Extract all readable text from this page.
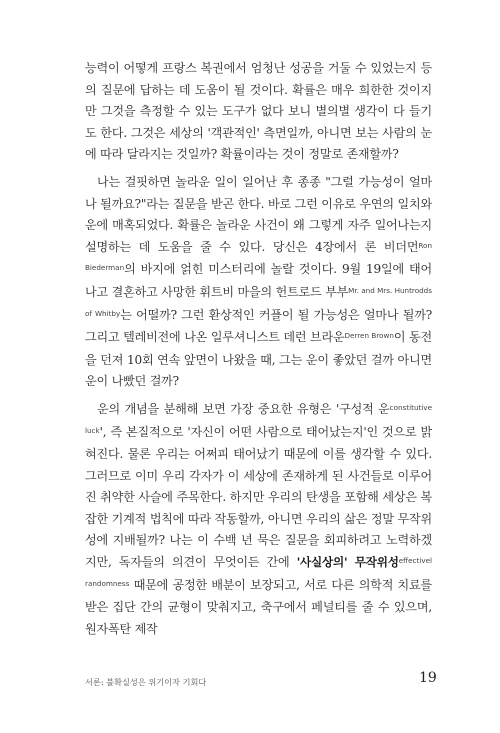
능력이 어떻게 프랑스 복권에서 엄청난 성공을 거둘 수 있었는지 등의 질문에 답하는 데 도움이 될 것이다. 확률은 매우 희한한 것이지만 그것을 측정할 수 있는 도구가 없다 보니 별의별 생각이 다 들기도 한다. 그것은 세상의 '객관적인' 측면일까, 아니면 보는 사람의 눈에 따라 달라지는 것일까? 확률이라는 것이 정말로 존재할까?

나는 걸핏하면 놀라운 일이 일어난 후 종종 "그럴 가능성이 얼마나 될까요?"라는 질문을 받곤 한다. 바로 그런 이유로 우연의 일치와 운에 매혹되었다. 확률은 놀라운 사건이 왜 그렇게 자주 일어나는지 설명하는 데 도움을 줄 수 있다. 당신은 4장에서 론 비더먼$^{Ron Biederman}$의 바지에 얽힌 미스터리에 놀랄 것이다. 9월 19일에 태어나고 결혼하고 사망한 휘트비 마을의 헌트로드 부부$^{Mr. and Mrs. Huntrodds of Whitby}$는 어떨까? 그런 환상적인 커플이 될 가능성은 얼마나 될까? 그리고 텔레비전에 나온 일루셔니스트 데런 브라운$^{Derren Brown}$이 동전을 던져 10회 연속 앞면이 나왔을 때, 그는 운이 좋았던 걸까 아니면 운이 나빴던 걸까?

운의 개념을 분해해 보면 가장 중요한 유형은 '구성적 운$^{constitutive luck}$', 즉 본질적으로 '자신이 어떤 사람으로 태어났는지'인 것으로 밝혀진다. 물론 우리는 어쩌피 태어났기 때문에 이를 생각할 수 있다. 그러므로 이미 우리 각자가 이 세상에 존재하게 된 사건들로 이루어진 취약한 사슬에 주목한다. 하지만 우리의 탄생을 포함해 세상은 복잡한 기계적 법칙에 따라 작동할까, 아니면 우리의 삶은 정말 무작위성에 지배될까? 나는 이 수백 년 묵은 질문을 회피하려고 노력하겠지만, 독자들의 의견이 무엇이든 간에 '사실상의' 무작위성$^{effectivel randomness}$ 때문에 공정한 배분이 보장되고, 서로 다른 의학적 치료를 받은 집단 간의 균형이 맞춰지고, 축구에서 페널티를 줄 수 있으며, 원자폭탄 제작

서론: 불확실성은 위기이자 기회다	19
